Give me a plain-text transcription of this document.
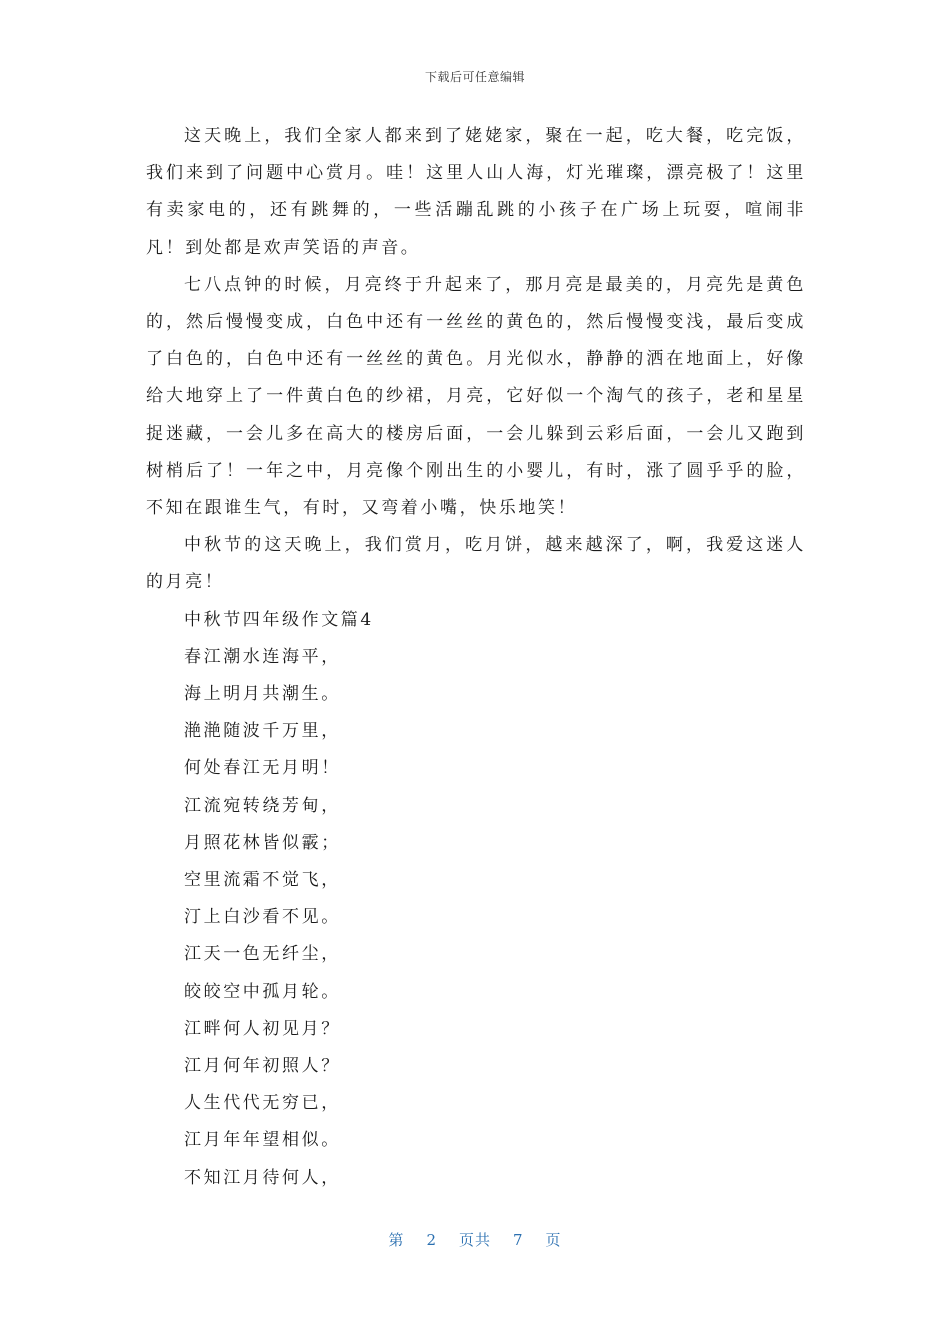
下载后可任意编辑

这天晚上，我们全家人都来到了姥姥家，聚在一起，吃大餐，吃完饭，我们来到了问题中心赏月。哇！这里人山人海，灯光璀璨，漂亮极了！这里有卖家电的，还有跳舞的，一些活蹦乱跳的小孩子在广场上玩耍，喧闹非凡！到处都是欢声笑语的声音。

七八点钟的时候，月亮终于升起来了，那月亮是最美的，月亮先是黄色的，然后慢慢变成，白色中还有一丝丝的黄色的，然后慢慢变浅，最后变成了白色的，白色中还有一丝丝的黄色。月光似水，静静的洒在地面上，好像给大地穿上了一件黄白色的纱裙，月亮，它好似一个淘气的孩子，老和星星捉迷藏，一会儿多在高大的楼房后面，一会儿躲到云彩后面，一会儿又跑到树梢后了！一年之中，月亮像个刚出生的小婴儿，有时，涨了圆乎乎的脸，不知在跟谁生气，有时，又弯着小嘴，快乐地笑！

中秋节的这天晚上，我们赏月，吃月饼，越来越深了，啊，我爱这迷人的月亮！

中秋节四年级作文篇4

春江潮水连海平，

海上明月共潮生。

滟滟随波千万里，

何处春江无月明！

江流宛转绕芳甸，

月照花林皆似霰；

空里流霜不觉飞，

汀上白沙看不见。

江天一色无纤尘，

皎皎空中孤月轮。

江畔何人初见月？

江月何年初照人？

人生代代无穷已，

江月年年望相似。

不知江月待何人，

第 2 页共 7 页
